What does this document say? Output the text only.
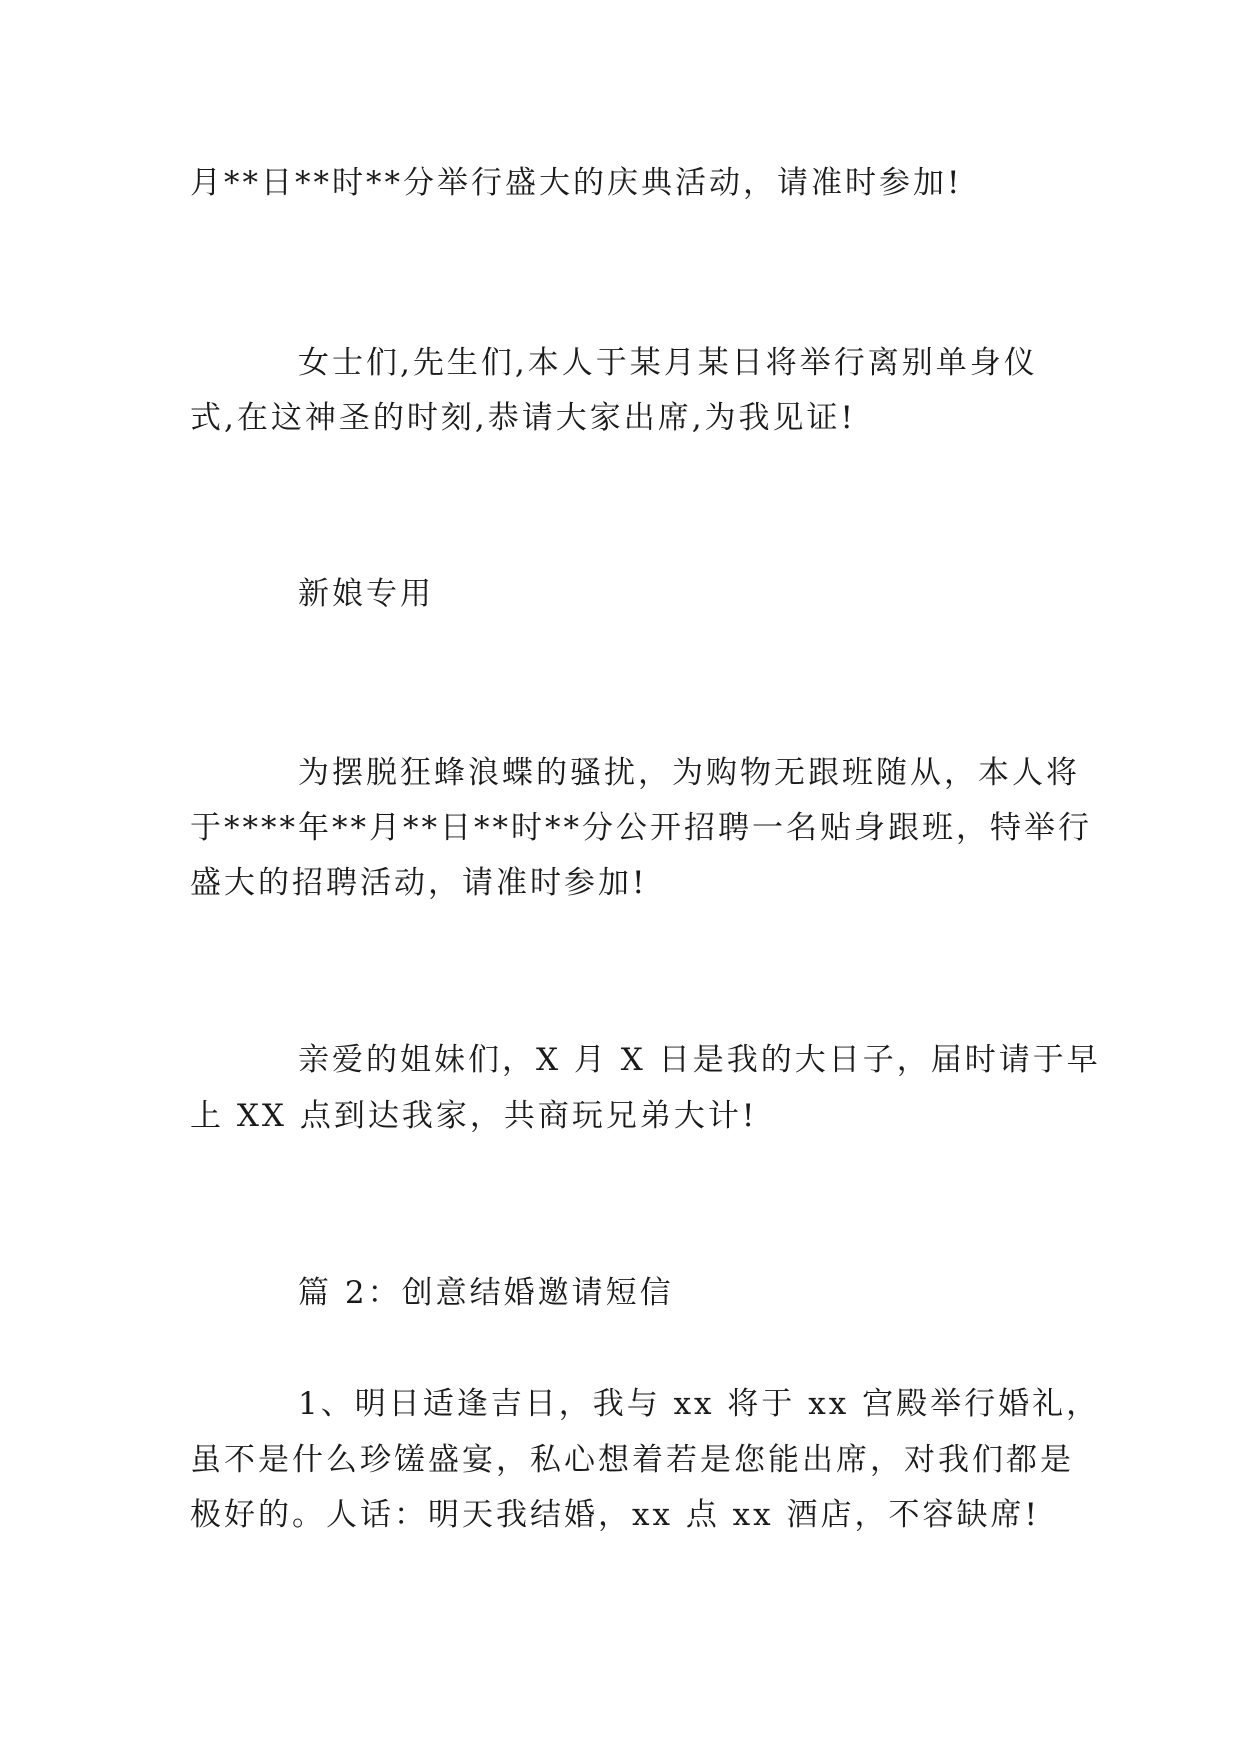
月**日**时**分举行盛大的庆典活动，请准时参加!

女士们,先生们,本人于某月某日将举行离别单身仪

式,在这神圣的时刻,恭请大家出席,为我见证!

新娘专用

为摆脱狂蜂浪蝶的骚扰，为购物无跟班随从，本人将

于****年**月**日**时**分公开招聘一名贴身跟班，特举行

盛大的招聘活动，请准时参加!

亲爱的姐妹们，X 月 X 日是我的大日子，届时请于早

上 XX 点到达我家，共商玩兄弟大计!

篇 2：创意结婚邀请短信

1、明日适逢吉日，我与 xx 将于 xx 宫殿举行婚礼，

虽不是什么珍馐盛宴，私心想着若是您能出席，对我们都是

极好的。人话：明天我结婚，xx 点 xx 酒店，不容缺席!
